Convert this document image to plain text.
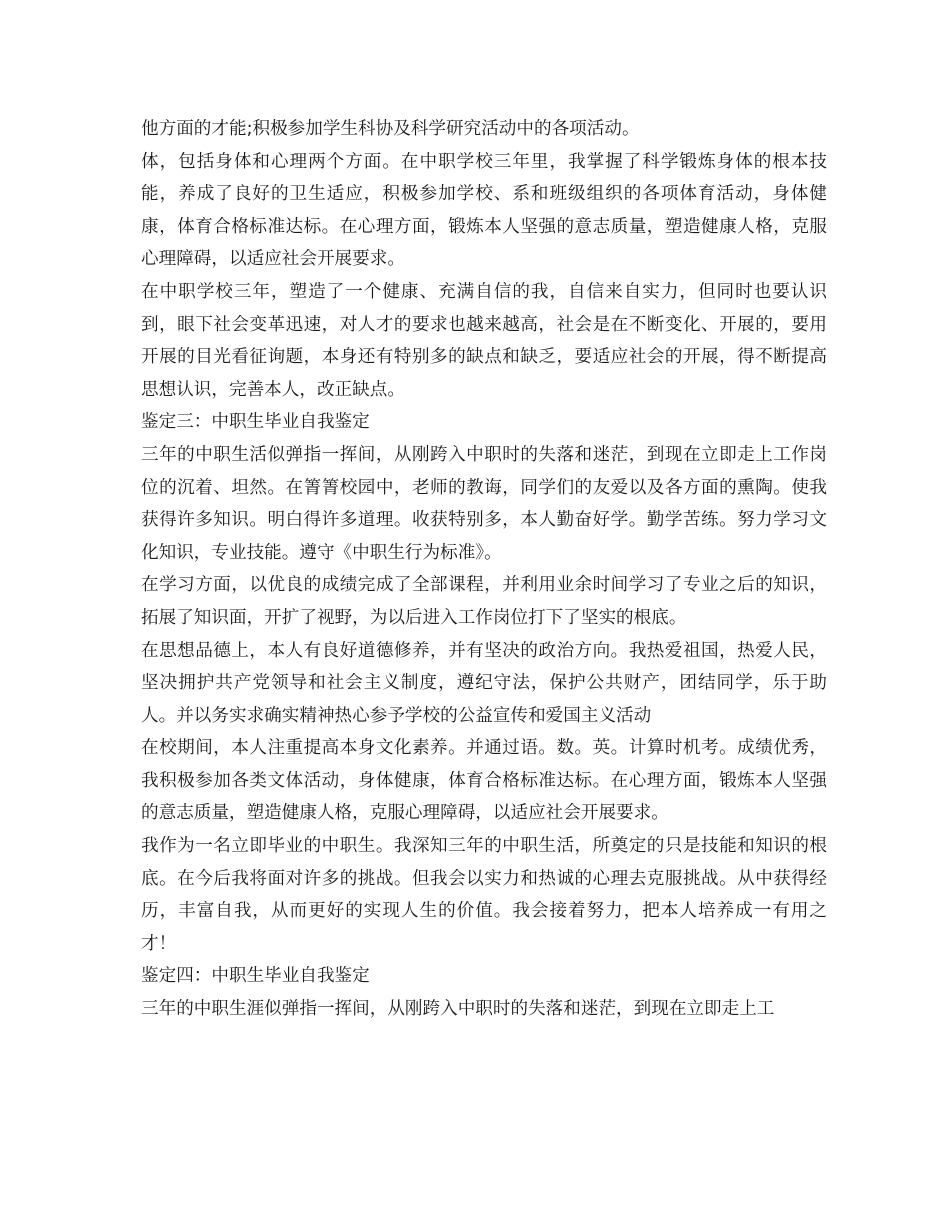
他方面的才能;积极参加学生科协及科学研究活动中的各项活动。

体，包括身体和心理两个方面。在中职学校三年里，我掌握了科学锻炼身体的根本技能，养成了良好的卫生适应，积极参加学校、系和班级组织的各项体育活动，身体健康，体育合格标准达标。在心理方面，锻炼本人坚强的意志质量，塑造健康人格，克服心理障碍，以适应社会开展要求。

在中职学校三年，塑造了一个健康、充满自信的我，自信来自实力，但同时也要认识到，眼下社会变革迅速，对人才的要求也越来越高，社会是在不断变化、开展的，要用开展的目光看征询题，本身还有特别多的缺点和缺乏，要适应社会的开展，得不断提高思想认识，完善本人，改正缺点。

鉴定三：中职生毕业自我鉴定

三年的中职生活似弹指一挥间，从刚跨入中职时的失落和迷茫，到现在立即走上工作岗位的沉着、坦然。在箐箐校园中，老师的教诲，同学们的友爱以及各方面的熏陶。使我获得许多知识。明白得许多道理。收获特别多，本人勤奋好学。勤学苦练。努力学习文化知识，专业技能。遵守《中职生行为标准》。

在学习方面，以优良的成绩完成了全部课程，并利用业余时间学习了专业之后的知识，拓展了知识面，开扩了视野，为以后进入工作岗位打下了坚实的根底。

在思想品德上，本人有良好道德修养，并有坚决的政治方向。我热爱祖国，热爱人民，坚决拥护共产党领导和社会主义制度，遵纪守法，保护公共财产，团结同学，乐于助人。并以务实求确实精神热心参予学校的公益宣传和爱国主义活动

在校期间，本人注重提高本身文化素养。并通过语。数。英。计算时机考。成绩优秀，我积极参加各类文体活动，身体健康，体育合格标准达标。在心理方面，锻炼本人坚强的意志质量，塑造健康人格，克服心理障碍，以适应社会开展要求。

我作为一名立即毕业的中职生。我深知三年的中职生活，所奠定的只是技能和知识的根底。在今后我将面对许多的挑战。但我会以实力和热诚的心理去克服挑战。从中获得经历，丰富自我，从而更好的实现人生的价值。我会接着努力，把本人培养成一有用之才！

鉴定四：中职生毕业自我鉴定

三年的中职生涯似弹指一挥间，从刚跨入中职时的失落和迷茫，到现在立即走上工
